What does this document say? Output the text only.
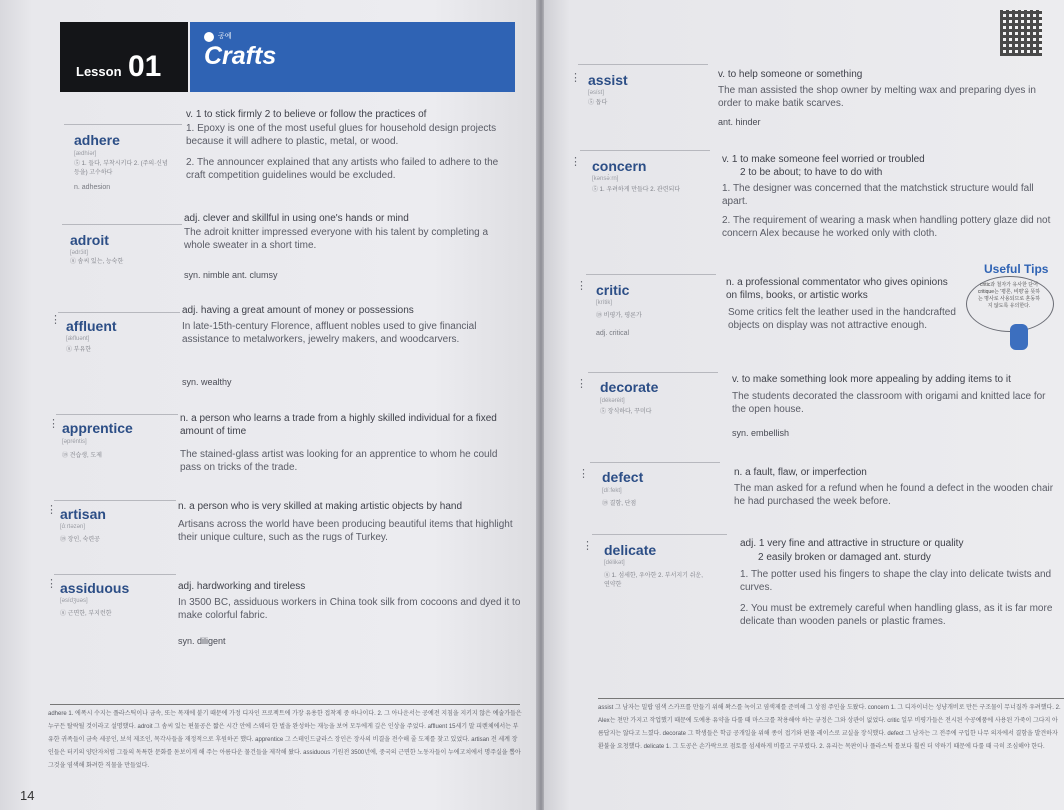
Lesson 01
공예
Crafts
adhere
[ædhíər]
⑤ 1. 들다, 부착시키다 2. (주의·신념 등을) 고수하다
n. adhesion
v. 1 to stick firmly 2 to believe or follow the practices of
1. Epoxy is one of the most useful glues for household design projects because it will adhere to plastic, metal, or wood.
2. The announcer explained that any artists who failed to adhere to the craft competition guidelines would be excluded.
adroit
[ədrɔ́it]
⑧ 솜씨 있는, 능숙한
adj. clever and skillful in using one's hands or mind
The adroit knitter impressed everyone with his talent by completing a whole sweater in a short time.
syn. nimble ant. clumsy
⋮ affluent
[ǽfluənt]
⑧ 부유한
adj. having a great amount of money or possessions
In late-15th-century Florence, affluent nobles used to give financial assistance to metalworkers, jewelry makers, and woodcarvers.
syn. wealthy
⋮ apprentice
[əpréntis]
⑲ 견습생, 도제
n. a person who learns a trade from a highly skilled individual for a fixed amount of time
The stained-glass artist was looking for an apprentice to whom he could pass on tricks of the trade.
⋮ artisan
[ɑ́ːrtəzən]
⑲ 장인, 숙련공
n. a person who is very skilled at making artistic objects by hand
Artisans across the world have been producing beautiful items that highlight their unique culture, such as the rugs of Turkey.
⋮ assiduous
[əsídʒuəs]
⑧ 근면한, 부지런한
adj. hardworking and tireless
In 3500 BC, assiduous workers in China took silk from cocoons and dyed it to make colorful fabric.
syn. diligent
adhere 1. 에폭시 수지는 플라스틱이나 금속, 또는 목재에 붙기 때문에 가정 디자인 프로젝트에 가장 유용한 접착제 중 하나이다. 2. 그 아나운서는 공예전 지침을 지키지 않은 예술가들은 누구든 탈락될 것이라고 설명했다. adroit 그 솜씨 있는 편물공은 짧은 시간 안에 스웨터 한 벌을 완성하는 재능을 보여 모두에게 깊은 인상을 주었다. affluent 15세기 말 피렌체에서는 부유한 귀족들이 금속 세공인, 보석 제조인, 목각사들을 재정적으로 후원하곤 했다. apprentice 그 스테인드글라스 장인은 장사의 비결을 전수해 줄 도제를 찾고 있었다. artisan 전 세계 장인들은 터키의 양탄자처럼 그들의 독특한 문화를 돋보이게 해 주는 아름다운 물건들을 제작해 왔다. assiduous 기원전 3500년에, 중국의 근면한 노동자들이 누에고치에서 명주실을 뽑아 그것을 염색해 화려한 직물을 만들었다.
14
⋮ assist
[əsíst]
⑤ 돕다
v. to help someone or something
The man assisted the shop owner by melting wax and preparing dyes in order to make batik scarves.
ant. hinder
⋮ concern
[kənsə́ːrn]
⑤ 1. 우려하게 만들다 2. 관련되다
v. 1 to make someone feel worried or troubled
2 to be about; to have to do with
1. The designer was concerned that the matchstick structure would fall apart.
2. The requirement of wearing a mask when handling pottery glaze did not concern Alex because he worked only with cloth.
⋮ critic
[krítik]
⑲ 비평가, 평론가
adj. critical
n. a professional commentator who gives opinions on films, books, or artistic works
Some critics felt the leather used in the handcrafted objects on display was not attractive enough.
Useful Tips
critic과 철자가 유사한 단어 critique는 '평론, 비평'을 뜻하는 명사로 사용되므로 혼동하지 않도록 유의한다.
⋮ decorate
[dékərèit]
⑤ 장식하다, 꾸미다
v. to make something look more appealing by adding items to it
The students decorated the classroom with origami and knitted lace for the open house.
syn. embellish
⋮ defect
[díːfekt]
⑲ 결함, 단점
n. a fault, flaw, or imperfection
The man asked for a refund when he found a defect in the wooden chair he had purchased the week before.
⋮ delicate
[délikət]
⑧ 1. 섬세한, 우아한 2. 부서지기 쉬운, 연약한
adj. 1 very fine and attractive in structure or quality
2 easily broken or damaged ant. sturdy
1. The potter used his fingers to shape the clay into delicate twists and curves.
2. You must be extremely careful when handling glass, as it is far more delicate than wooden panels or plastic frames.
assist 그 남자는 밀랍 염색 스카프를 만들기 위해 왁스를 녹이고 염색제를 준비해 그 상점 주인을 도왔다. concern 1. 그 디자이너는 성냥개비로 만든 구조물이 무너질까 우려했다. 2. Alex는 천만 가지고 작업했기 때문에 도예용 유약을 다룰 때 마스크를 착용해야 하는 규정은 그와 상관이 없었다. critic 일부 비평가들은 전시된 수공예품에 사용된 가죽이 그다지 아름답지는 않다고 느꼈다. decorate 그 학생들은 학급 공개일을 위해 종이 접기와 편물 레이스로 교실을 장식했다. defect 그 남자는 그 전주에 구입한 나무 의자에서 결함을 발견하자 환불을 요청했다. delicate 1. 그 도공은 손가락으로 점토를 섬세하게 비틀고 구부렸다. 2. 유리는 목판이나 플라스틱 틀보다 훨씬 더 약하기 때문에 다룰 때 극히 조심해야 한다.
